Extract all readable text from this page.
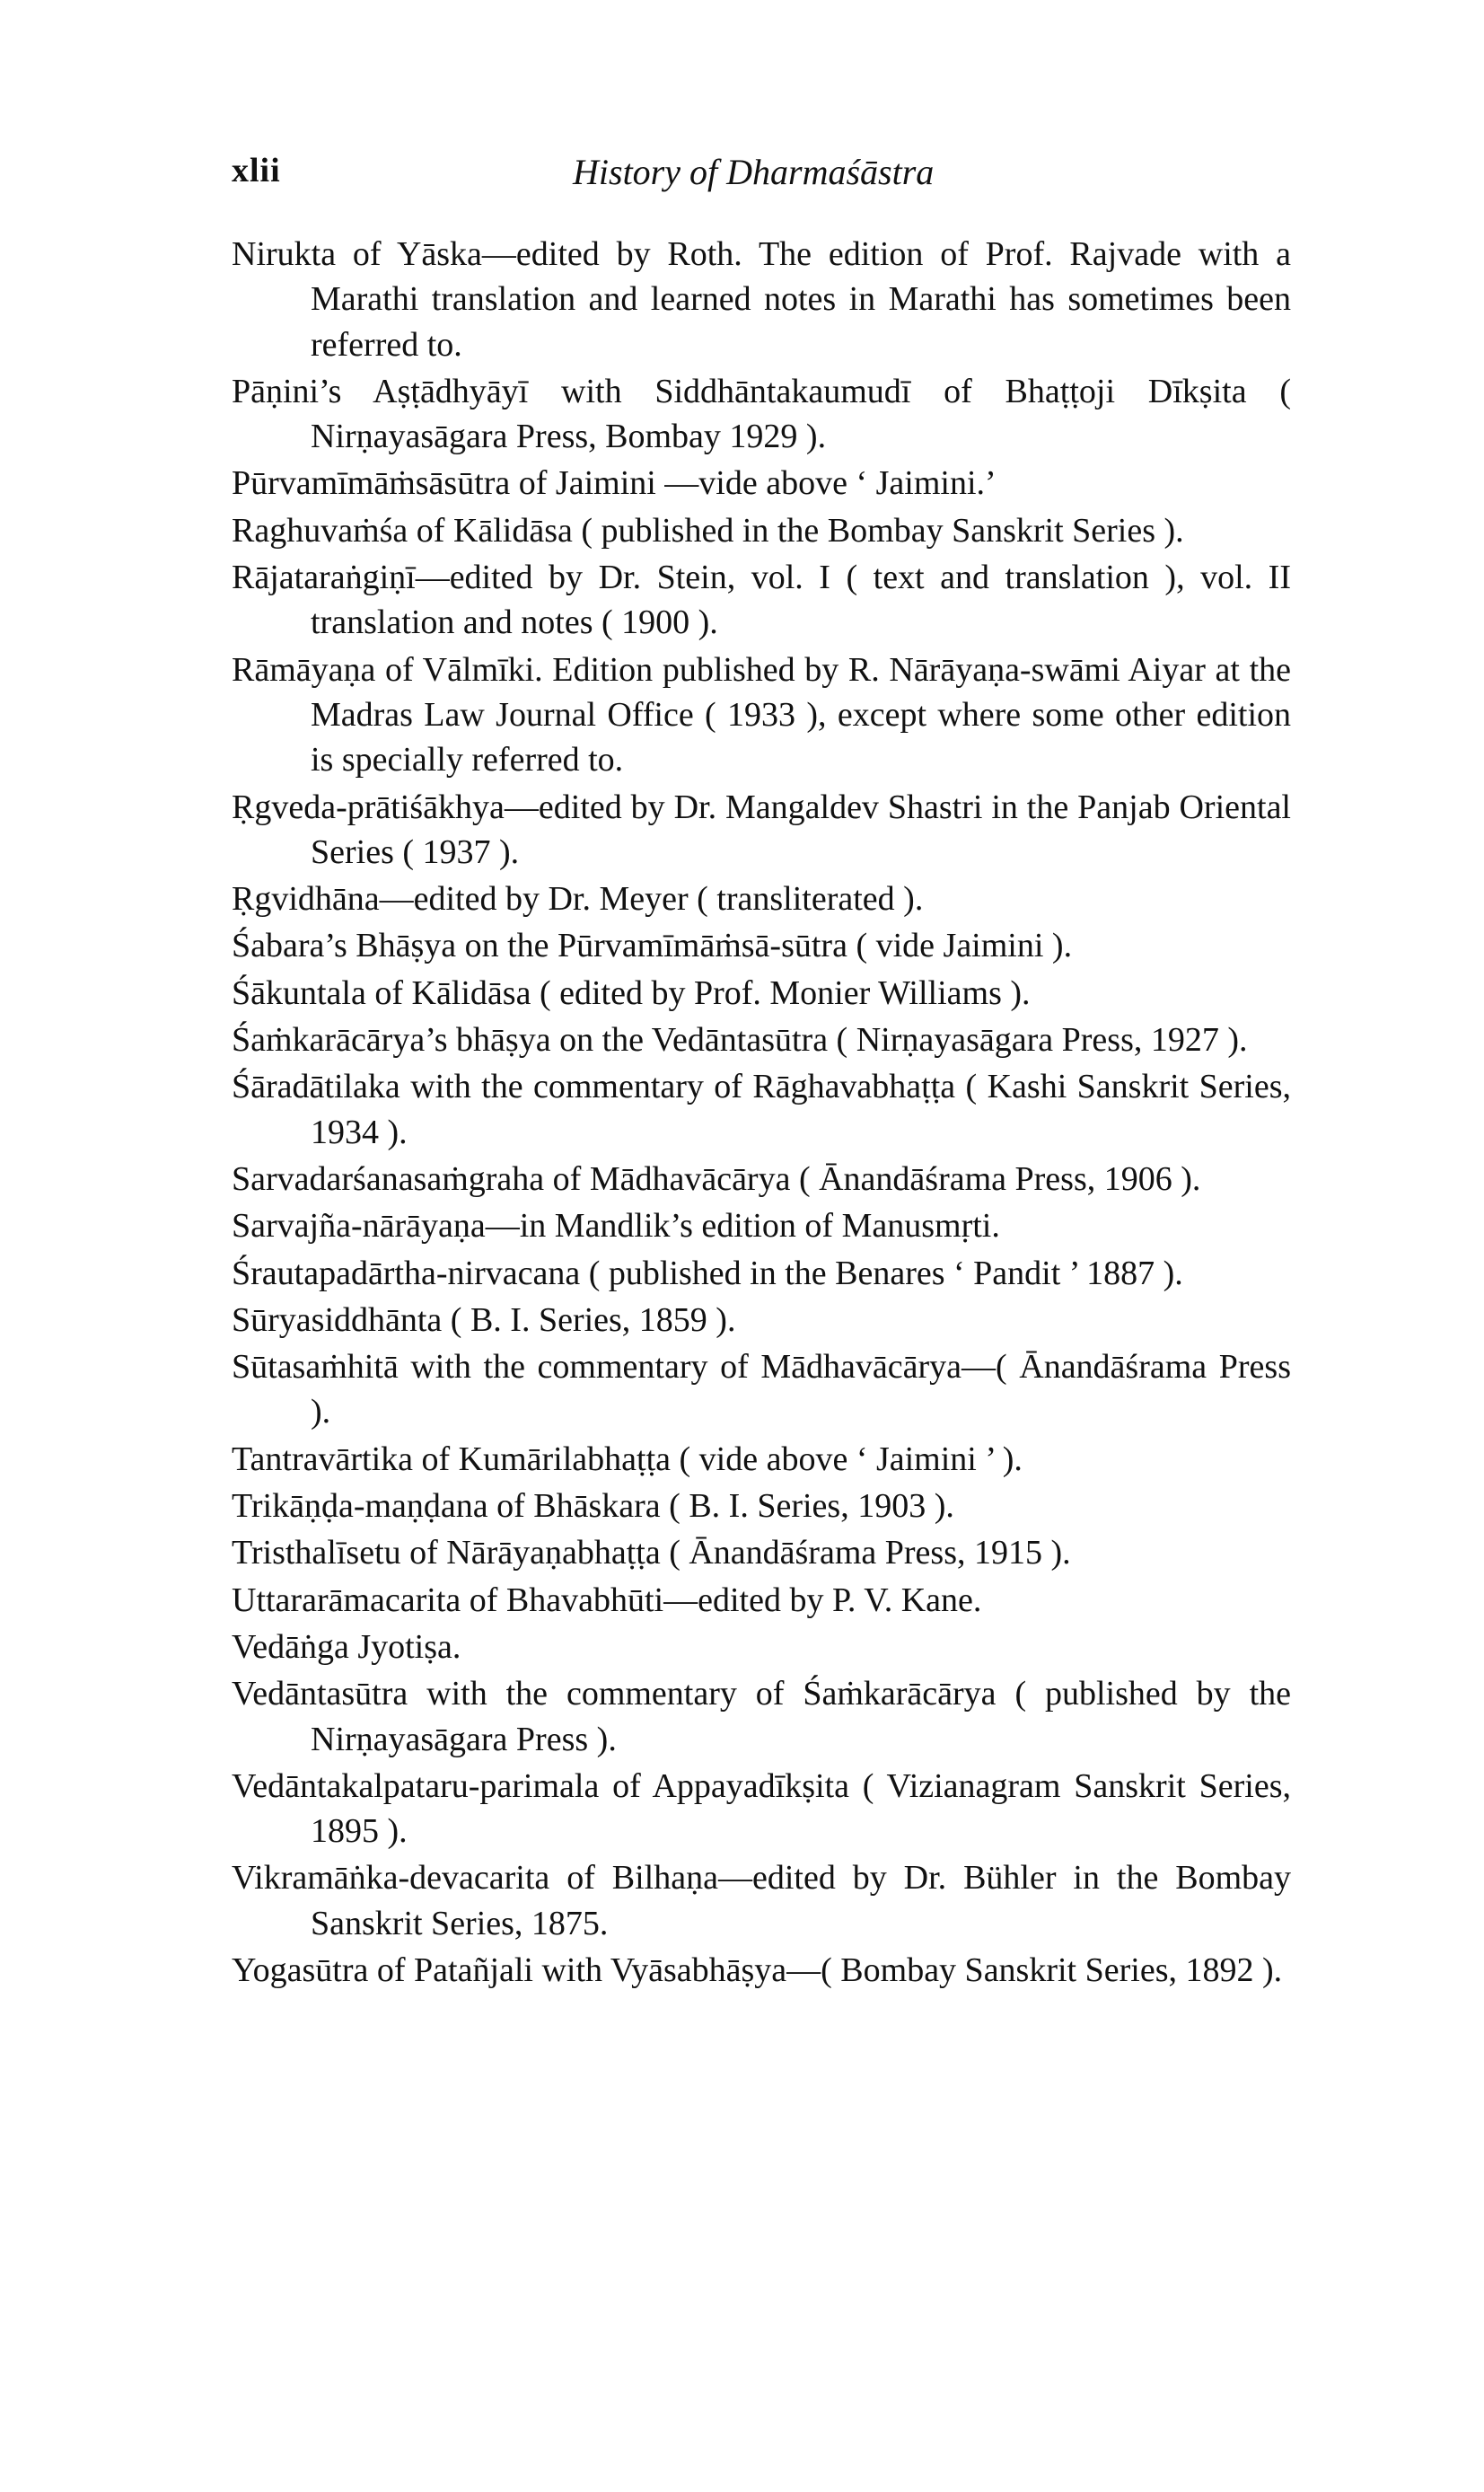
xlii	History of Dharmaśāstra
Nirukta of Yāska—edited by Roth. The edition of Prof. Rajvade with a Marathi translation and learned notes in Marathi has sometimes been referred to.
Pāṇini’s Aṣṭādhyāyī with Siddhāntakaumudī of Bhaṭṭoji Dīkṣita ( Nirṇayasāgara Press, Bombay 1929 ).
Pūrvamīmāṁsāsūtra of Jaimini —vide above ‘ Jaimini.’
Raghuvaṁśa of Kālidāsa ( published in the Bombay Sanskrit Series ).
Rājataraṅgiṇī—edited by Dr. Stein, vol. I ( text and translation ), vol. II translation and notes ( 1900 ).
Rāmāyaṇa of Vālmīki. Edition published by R. Nārāyaṇa-swāmi Aiyar at the Madras Law Journal Office ( 1933 ), except where some other edition is specially referred to.
Ṛgveda-prātiśākhya—edited by Dr. Mangaldev Shastri in the Panjab Oriental Series ( 1937 ).
Ṛgvidhāna—edited by Dr. Meyer ( transliterated ).
Śabara’s Bhāṣya on the Pūrvamīmāṁsā-sūtra ( vide Jaimini ).
Śākuntala of Kālidāsa ( edited by Prof. Monier Williams ).
Śaṁkarācārya’s bhāṣya on the Vedāntasūtra ( Nirṇayasāgara Press, 1927 ).
Śāradātilaka with the commentary of Rāghavabhaṭṭa ( Kashi Sanskrit Series, 1934 ).
Sarvadarśanasaṁgraha of Mādhavācārya ( Ānandāśrama Press, 1906 ).
Sarvajña-nārāyaṇa—in Mandlik’s edition of Manusmṛti.
Śrautapadārtha-nirvacana ( published in the Benares ‘ Pandit ’ 1887 ).
Sūryasiddhānta ( B. I. Series, 1859 ).
Sūtasaṁhitā with the commentary of Mādhavācārya—( Ānandāśrama Press ).
Tantravārtika of Kumārilabhaṭṭa ( vide above ‘ Jaimini ’ ).
Trikāṇḍa-maṇḍana of Bhāskara ( B. I. Series, 1903 ).
Tristhalīsetu of Nārāyaṇabhaṭṭa ( Ānandāśrama Press, 1915 ).
Uttararāmacarita of Bhavabhūti—edited by P. V. Kane.
Vedāṅga Jyotiṣa.
Vedāntasūtra with the commentary of Śaṁkarācārya ( published by the Nirṇayasāgara Press ).
Vedāntakalpataru-parimala of Appayadīkṣita ( Vizianagram Sanskrit Series, 1895 ).
Vikramāṅka-devacarita of Bilhaṇa—edited by Dr. Bühler in the Bombay Sanskrit Series, 1875.
Yogasūtra of Patañjali with Vyāsabhāṣya—( Bombay Sanskrit Series, 1892 ).
